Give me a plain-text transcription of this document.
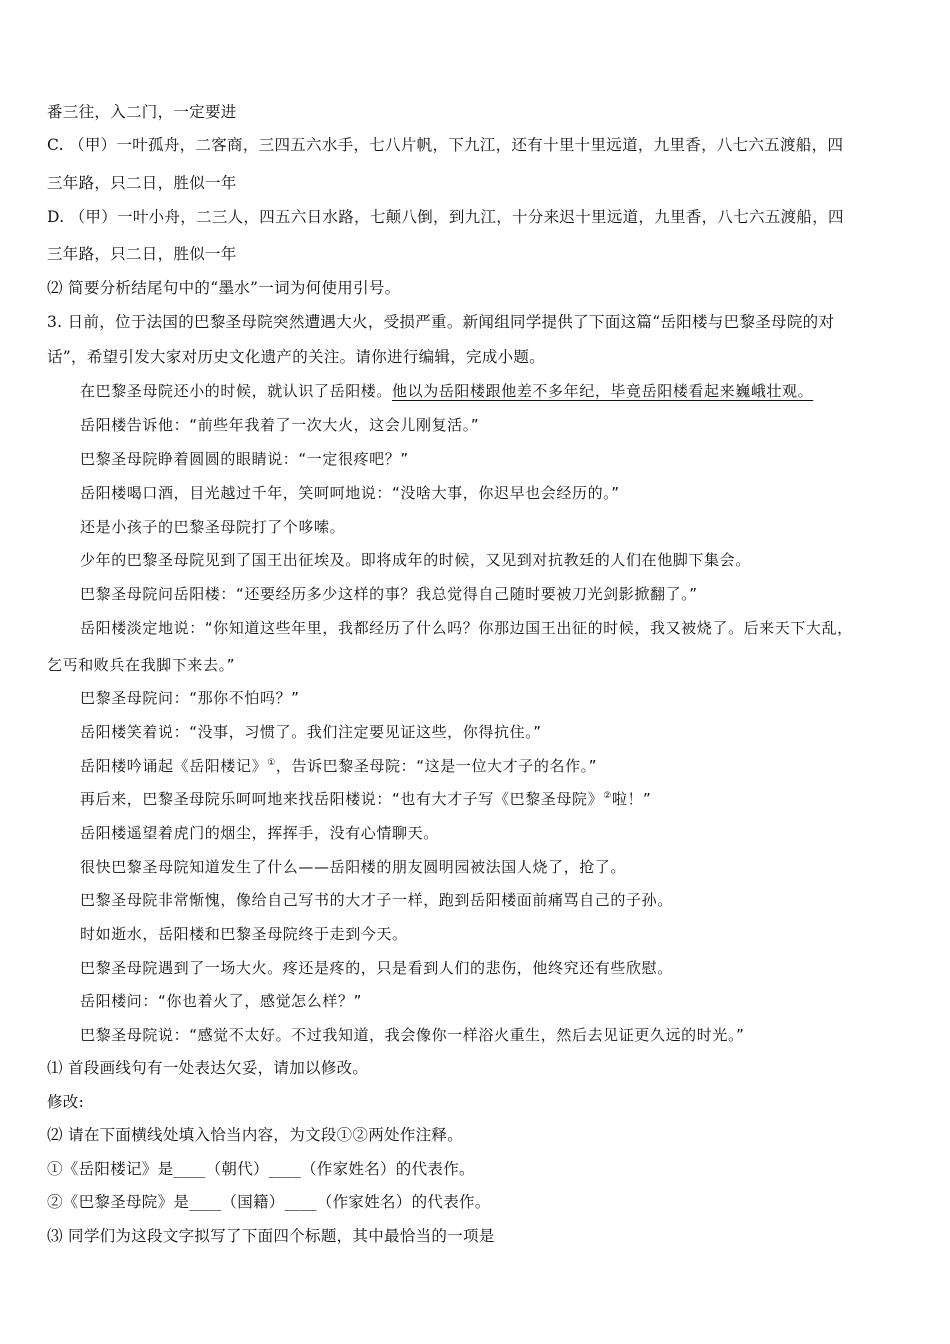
番三往，入二门，一定要进
C. （甲）一叶孤舟，二客商，三四五六水手，七八片帆，下九江，还有十里十里远道，九里香，八七六五渡船，四
三年路，只二日，胜似一年
D. （甲）一叶小舟，二三人，四五六日水路，七颠八倒，到九江，十分来迟十里远道，九里香，八七六五渡船，四
三年路，只二日，胜似一年
⑵ 简要分析结尾句中的“墨水”一词为何使用引号。
3. 日前，位于法国的巴黎圣母院突然遭遇大火，受损严重。新闻组同学提供了下面这篇“岳阳楼与巴黎圣母院的对
话”，希望引发大家对历史文化遗产的关注。请你进行编辑，完成小题。
在巴黎圣母院还小的时候，就认识了岳阳楼。他以为岳阳楼跟他差不多年纪，毕竟岳阳楼看起来巍峨壮观。
岳阳楼告诉他：“前些年我着了一次大火，这会儿刚复活。”
巴黎圣母院睁着圆圆的眼睛说：“一定很疼吧？”
岳阳楼喝口酒，目光越过千年，笑呵呵地说：“没啥大事，你迟早也会经历的。”
还是小孩子的巴黎圣母院打了个哆嗦。
少年的巴黎圣母院见到了国王出征埃及。即将成年的时候，又见到对抗教廷的人们在他脚下集会。
巴黎圣母院问岳阳楼：“还要经历多少这样的事？我总觉得自己随时要被刀光剑影掀翻了。”
岳阳楼淡定地说：“你知道这些年里，我都经历了什么吗？你那边国王出征的时候，我又被烧了。后来天下大乱，
乞丐和败兵在我脚下来去。”
巴黎圣母院问：“那你不怕吗？”
岳阳楼笑着说：“没事，习惯了。我们注定要见证这些，你得抗住。”
岳阳楼吟诵起《岳阳楼记》①，告诉巴黎圣母院：“这是一位大才子的名作。”
再后来，巴黎圣母院乐呵呵地来找岳阳楼说：“也有大才子写《巴黎圣母院》②啦！”
岳阳楼遥望着虎门的烟尘，挥挥手，没有心情聊天。
很快巴黎圣母院知道发生了什么——岳阳楼的朋友圆明园被法国人烧了，抢了。
巴黎圣母院非常惭愧，像给自己写书的大才子一样，跑到岳阳楼面前痛骂自己的子孙。
时如逝水，岳阳楼和巴黎圣母院终于走到今天。
巴黎圣母院遇到了一场大火。疼还是疼的，只是看到人们的悲伤，他终究还有些欣慰。
岳阳楼问：“你也着火了，感觉怎么样？”
巴黎圣母院说：“感觉不太好。不过我知道，我会像你一样浴火重生，然后去见证更久远的时光。”
⑴ 首段画线句有一处表达欠妥，请加以修改。
修改:
⑵ 请在下面横线处填入恰当内容，为文段①②两处作注释。
①《岳阳楼记》是____（朝代）____（作家姓名）的代表作。
②《巴黎圣母院》是____（国籍）____（作家姓名）的代表作。
⑶ 同学们为这段文字拟写了下面四个标题，其中最恰当的一项是
